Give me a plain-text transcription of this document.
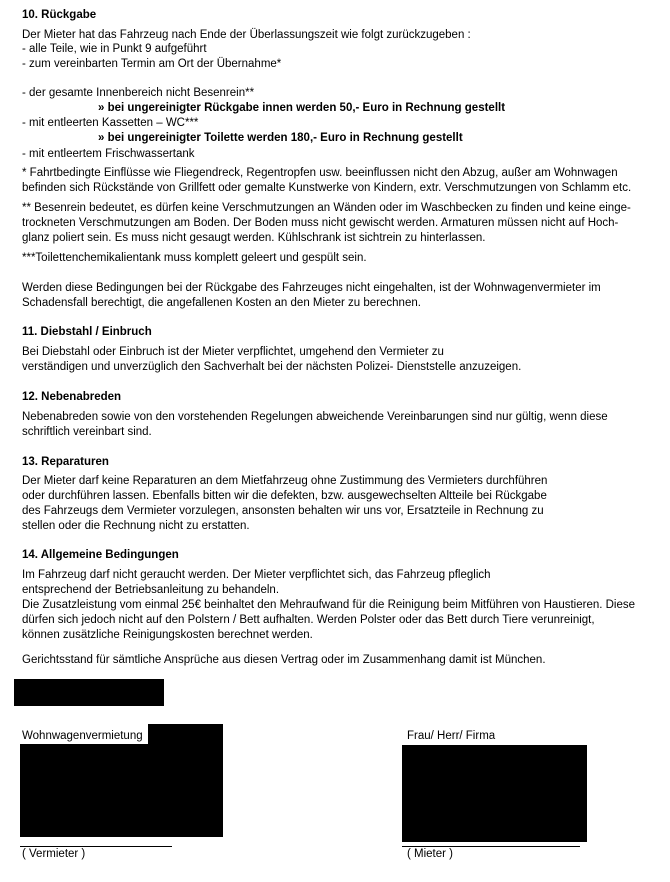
10. Rückgabe
Der Mieter hat das Fahrzeug nach Ende der Überlassungszeit wie folgt zurückzugeben :
- alle Teile, wie in Punkt 9 aufgeführt
- zum vereinbarten Termin am Ort der Übernahme*
- der gesamte Innenbereich nicht Besenrein**
» bei ungereinigter Rückgabe innen werden 50,- Euro in Rechnung gestellt
- mit entleerten Kassetten – WC***
» bei ungereinigter Toilette werden 180,- Euro in Rechnung gestellt
- mit entleertem Frischwassertank
* Fahrtbedingte Einflüsse wie Fliegendreck, Regentropfen usw. beeinflussen nicht den Abzug, außer am Wohnwagen
befinden sich Rückstände von Grillfett oder gemalte Kunstwerke von Kindern, extr. Verschmutzungen von Schlamm etc.
** Besenrein bedeutet, es dürfen keine Verschmutzungen an Wänden oder im Waschbecken zu finden und keine einge-
trockneten Verschmutzungen am Boden. Der Boden muss nicht gewischt werden. Armaturen müssen nicht auf Hoch-
glanz poliert sein. Es muss nicht gesaugt werden. Kühlschrank ist sichtrein zu hinterlassen.
***Toilettenchemikalientank muss komplett geleert und gespült sein.
Werden diese Bedingungen bei der Rückgabe des Fahrzeuges nicht eingehalten, ist der Wohnwagenvermieter im
Schadensfall berechtigt, die angefallenen Kosten an den Mieter zu berechnen.
11. Diebstahl / Einbruch
Bei Diebstahl oder Einbruch ist der Mieter verpflichtet, umgehend den Vermieter zu
verständigen und unverzüglich den Sachverhalt bei der nächsten Polizei- Dienststelle anzuzeigen.
12. Nebenabreden
Nebenabreden sowie von den vorstehenden Regelungen abweichende Vereinbarungen sind nur gültig, wenn diese
schriftlich vereinbart sind.
13. Reparaturen
Der Mieter darf keine Reparaturen an dem Mietfahrzeug ohne Zustimmung des Vermieters durchführen
oder durchführen lassen. Ebenfalls bitten wir die defekten, bzw. ausgewechselten Altteile bei Rückgabe
des Fahrzeugs dem Vermieter vorzulegen, ansonsten behalten wir uns vor, Ersatzteile in Rechnung zu
stellen oder die Rechnung nicht zu erstatten.
14. Allgemeine Bedingungen
Im Fahrzeug darf nicht geraucht werden. Der Mieter verpflichtet sich, das Fahrzeug pfleglich
entsprechend der Betriebsanleitung zu behandeln.
Die Zusatzleistung vom einmal 25€ beinhaltet den Mehraufwand für die Reinigung beim Mitführen von Haustieren. Diese
dürfen sich jedoch nicht auf den Polstern / Bett aufhalten. Werden Polster oder das Bett durch Tiere verunreinigt,
können zusätzliche Reinigungskosten berechnet werden.
Gerichtsstand für sämtliche Ansprüche aus diesen Vertrag oder im Zusammenhang damit ist München.
Wohnwagenvermietung
( Vermieter )
Frau/ Herr/ Firma
( Mieter )
